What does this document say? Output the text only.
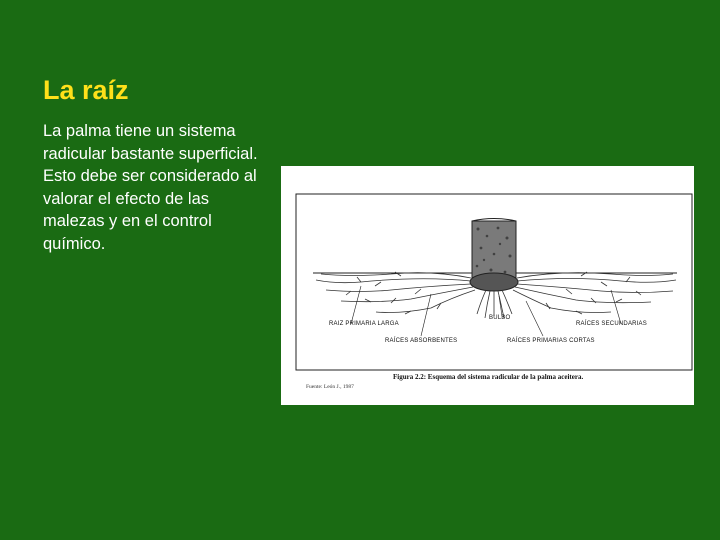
La raíz
La palma tiene un sistema radicular bastante superficial. Esto debe ser considerado al valorar el efecto de las malezas y en el control químico.
RAIZ PRIMARIA LARGA
RAÍCES ABSORBENTES
BULBO
RAÍCES PRIMARIAS CORTAS
RAÍCES SECUNDARIAS
Figura 2.2: Esquema del sistema radicular de la palma aceitera.
Fuente: León J., 1987
